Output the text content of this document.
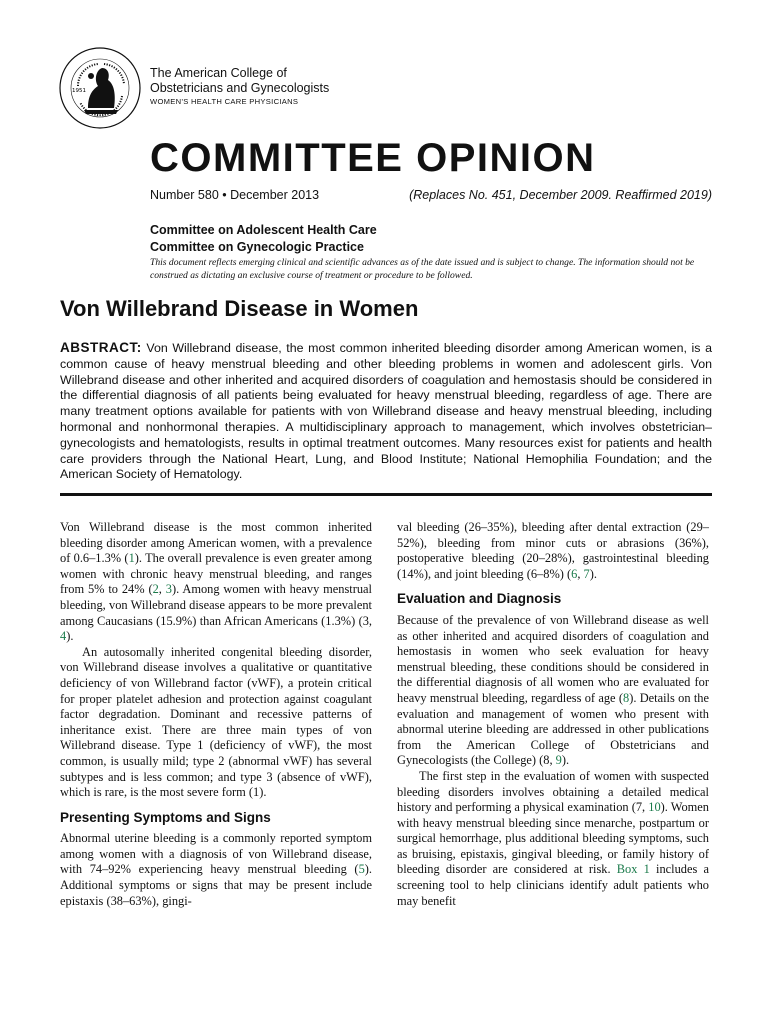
1951
The American College of
Obstetricians and Gynecologists
WOMEN'S HEALTH CARE PHYSICIANS
COMMITTEE OPINION
Number 580 • December 2013	(Replaces No. 451, December 2009. Reaffirmed 2019)
Committee on Adolescent Health Care
Committee on Gynecologic Practice
This document reflects emerging clinical and scientific advances as of the date issued and is subject to change. The information should not be construed as dictating an exclusive course of treatment or procedure to be followed.
Von Willebrand Disease in Women
ABSTRACT: Von Willebrand disease, the most common inherited bleeding disorder among American women, is a common cause of heavy menstrual bleeding and other bleeding problems in women and adolescent girls. Von Willebrand disease and other inherited and acquired disorders of coagulation and hemostasis should be considered in the differential diagnosis of all patients being evaluated for heavy menstrual bleeding, regardless of age. There are many treatment options available for patients with von Willebrand disease and heavy menstrual bleeding, including hormonal and nonhormonal therapies. A multidisciplinary approach to management, which involves obstetrician–gynecologists and hematologists, results in optimal treatment outcomes. Many resources exist for patients and health care providers through the National Heart, Lung, and Blood Institute; National Hemophilia Foundation; and the American Society of Hematology.

Von Willebrand disease is the most common inherited bleeding disorder among American women, with a prevalence of 0.6–1.3% (1). The overall prevalence is even greater among women with chronic heavy menstrual bleeding, and ranges from 5% to 24% (2, 3). Among women with heavy menstrual bleeding, von Willebrand disease appears to be more prevalent among Caucasians (15.9%) than African Americans (1.3%) (3, 4).

An autosomally inherited congenital bleeding disorder, von Willebrand disease involves a qualitative or quantitative deficiency of von Willebrand factor (vWF), a protein critical for proper platelet adhesion and protection against coagulant factor degradation. Dominant and recessive patterns of inheritance exist. There are three main types of von Willebrand disease. Type 1 (deficiency of vWF), the most common, is usually mild; type 2 (abnormal vWF) has several subtypes and is less common; and type 3 (absence of vWF), which is rare, is the most severe form (1).

Presenting Symptoms and Signs

Abnormal uterine bleeding is a commonly reported symptom among women with a diagnosis of von Willebrand disease, with 74–92% experiencing heavy menstrual bleeding (5). Additional symptoms or signs that may be present include epistaxis (38–63%), gingi-

val bleeding (26–35%), bleeding after dental extraction (29–52%), bleeding from minor cuts or abrasions (36%), postoperative bleeding (20–28%), gastrointestinal bleeding (14%), and joint bleeding (6–8%) (6, 7).

Evaluation and Diagnosis

Because of the prevalence of von Willebrand disease as well as other inherited and acquired disorders of coagulation and hemostasis in women who seek evaluation for heavy menstrual bleeding, these conditions should be considered in the differential diagnosis of all women who are evaluated for heavy menstrual bleeding, regardless of age (8). Details on the evaluation and management of women who present with abnormal uterine bleeding are addressed in other publications from the American College of Obstetricians and Gynecologists (the College) (8, 9).

The first step in the evaluation of women with suspected bleeding disorders involves obtaining a detailed medical history and performing a physical examination (7, 10). Women with heavy menstrual bleeding since menarche, postpartum or surgical hemorrhage, plus additional bleeding symptoms, such as bruising, epistaxis, gingival bleeding, or family history of bleeding disorder are considered at risk. Box 1 includes a screening tool to help clinicians identify adult patients who may benefit
